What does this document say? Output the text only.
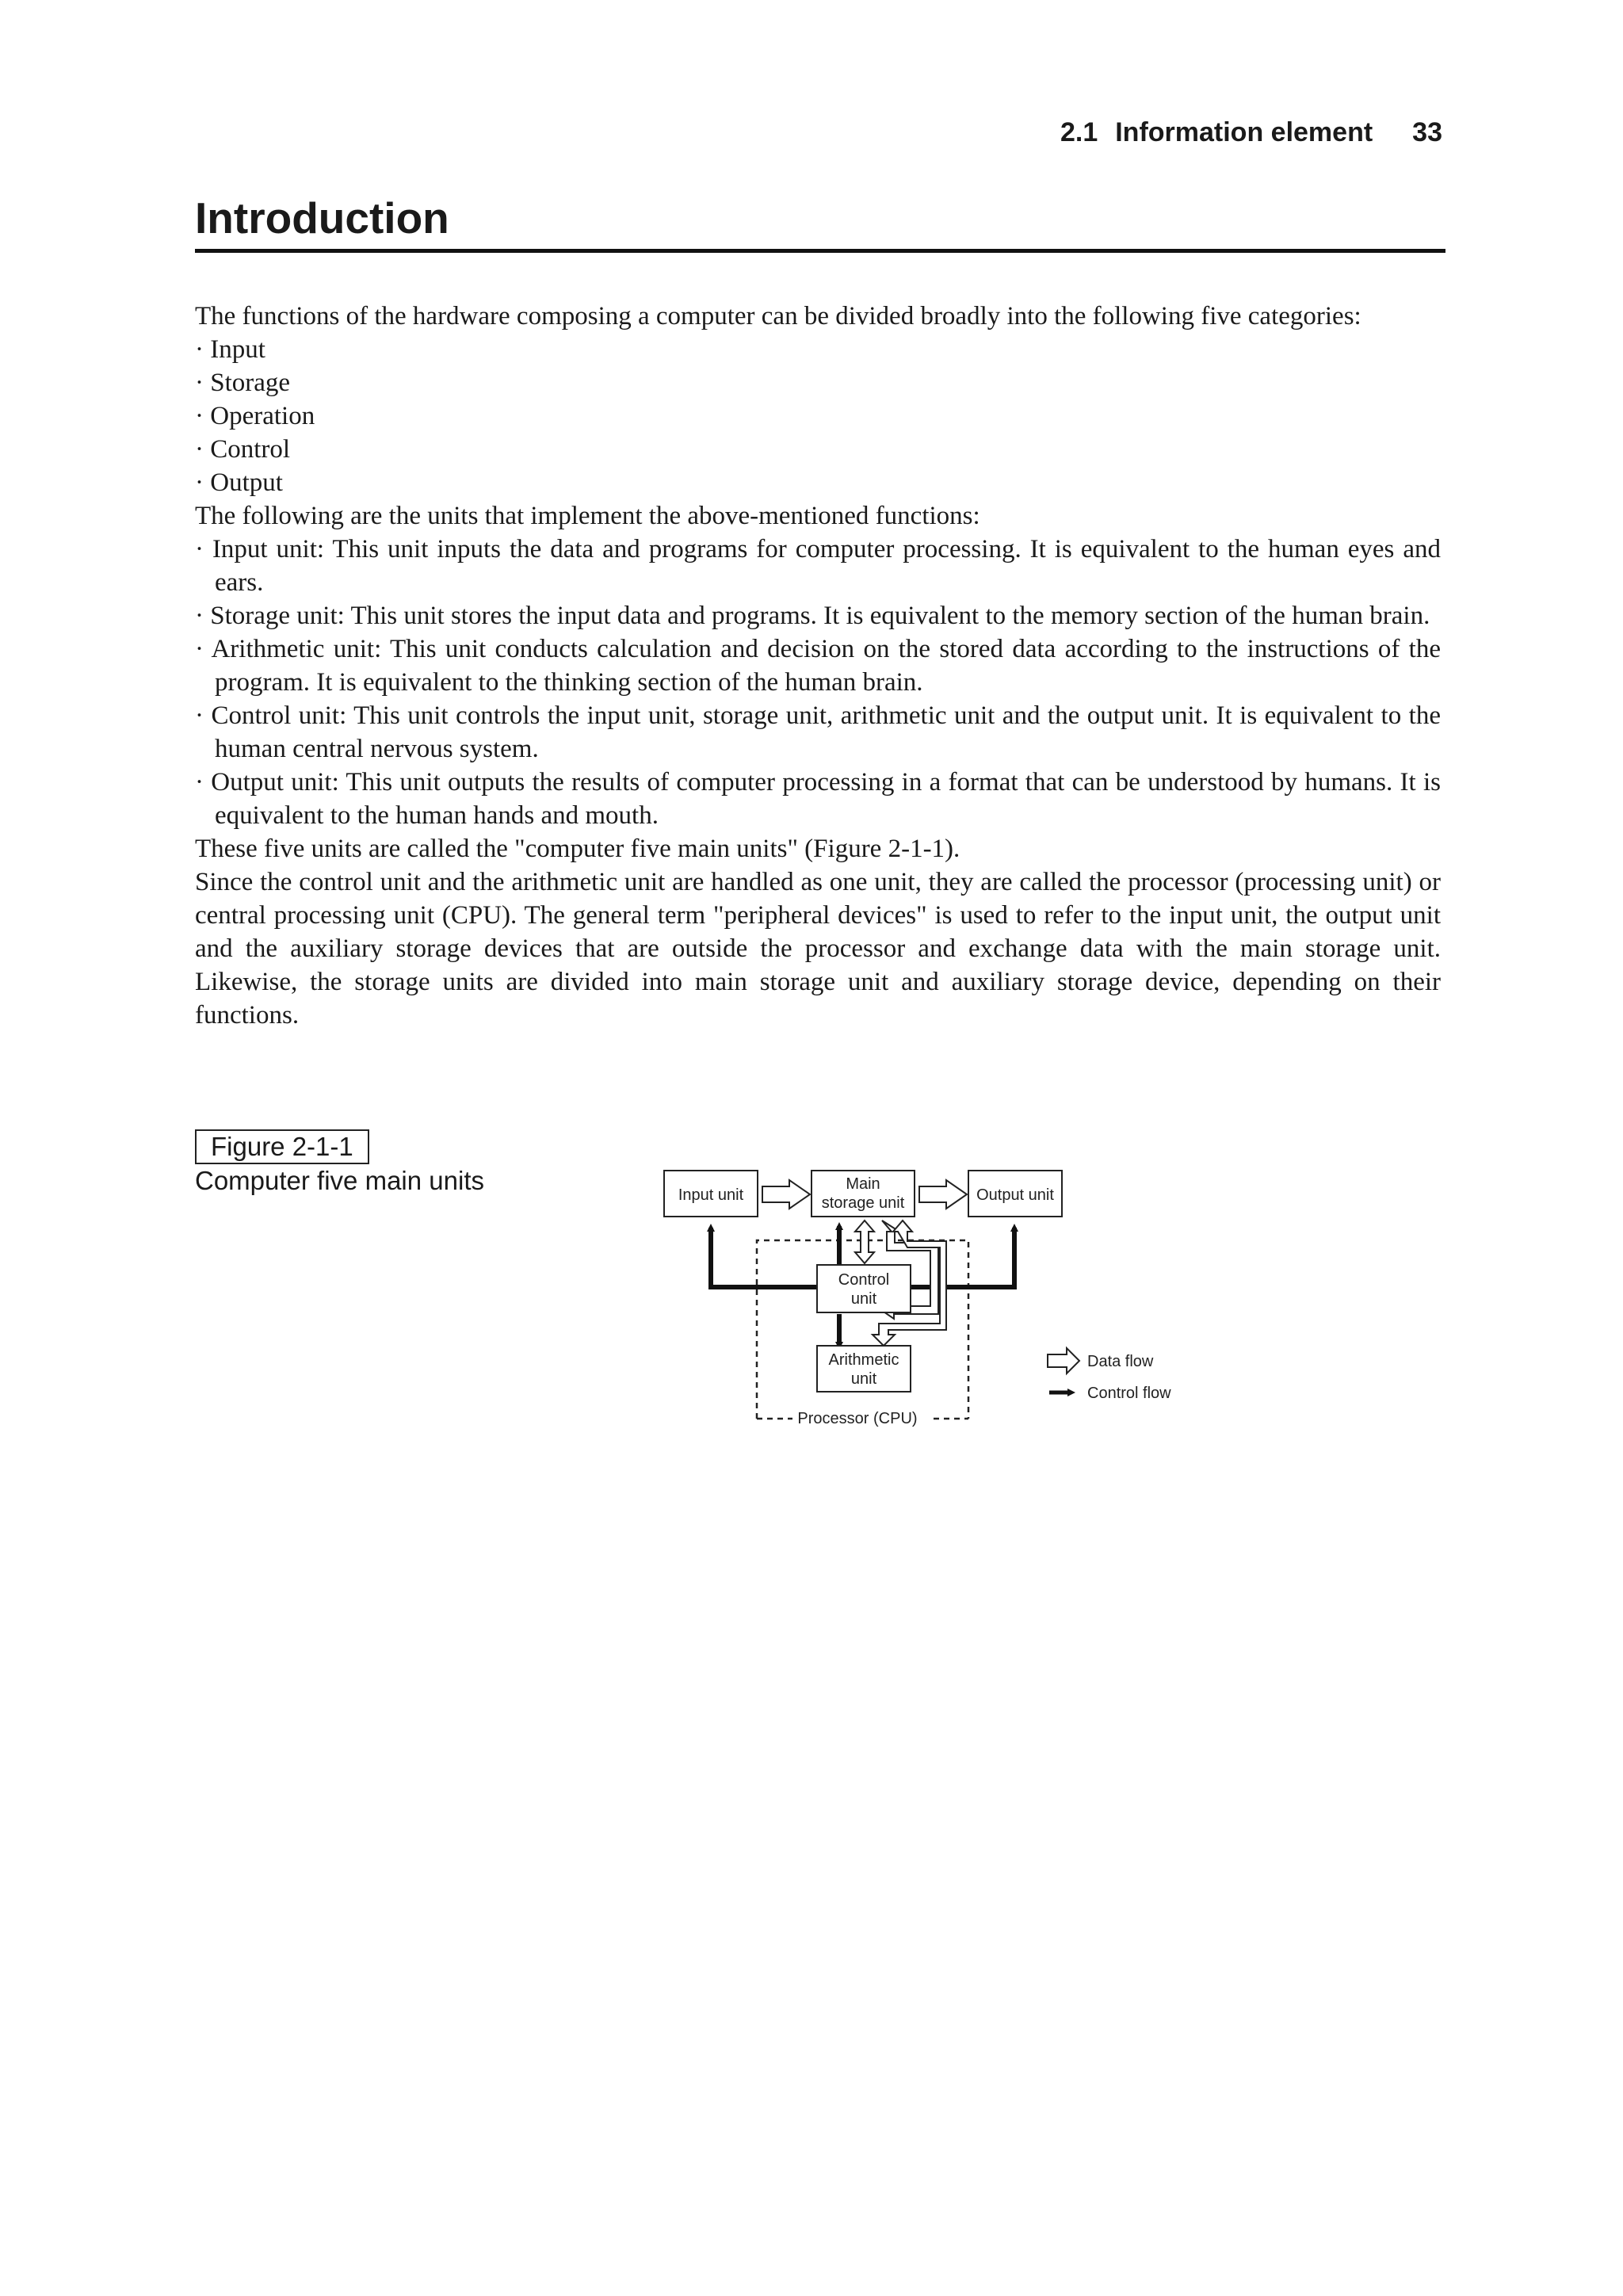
2.1 Information element 33
Introduction

The functions of the hardware composing a computer can be divided broadly into the following five categories:

· Input

· Storage

· Operation

· Control

· Output

The following are the units that implement the above-mentioned functions:

· Input unit: This unit inputs the data and programs for computer processing. It is equivalent to the human eyes and ears.

· Storage unit: This unit stores the input data and programs. It is equivalent to the memory section of the human brain.

· Arithmetic unit: This unit conducts calculation and decision on the stored data according to the instructions of the program. It is equivalent to the thinking section of the human brain.

· Control unit: This unit controls the input unit, storage unit, arithmetic unit and the output unit. It is equivalent to the human central nervous system.

· Output unit: This unit outputs the results of computer processing in a format that can be understood by humans. It is equivalent to the human hands and mouth.

These five units are called the "computer five main units" (Figure 2-1-1).

Since the control unit and the arithmetic unit are handled as one unit, they are called the processor (processing unit) or central processing unit (CPU). The general term "peripheral devices" is used to refer to the input unit, the output unit and the auxiliary storage devices that are outside the processor and exchange data with the main storage unit. Likewise, the storage units are divided into main storage unit and auxiliary storage device, depending on their functions.

Figure 2-1-1
Computer five main units
Processor (CPU)
Input unit
Main
storage unit	Output unit
Control
unit
Arithmetic
unit
Data flow
Control flow
